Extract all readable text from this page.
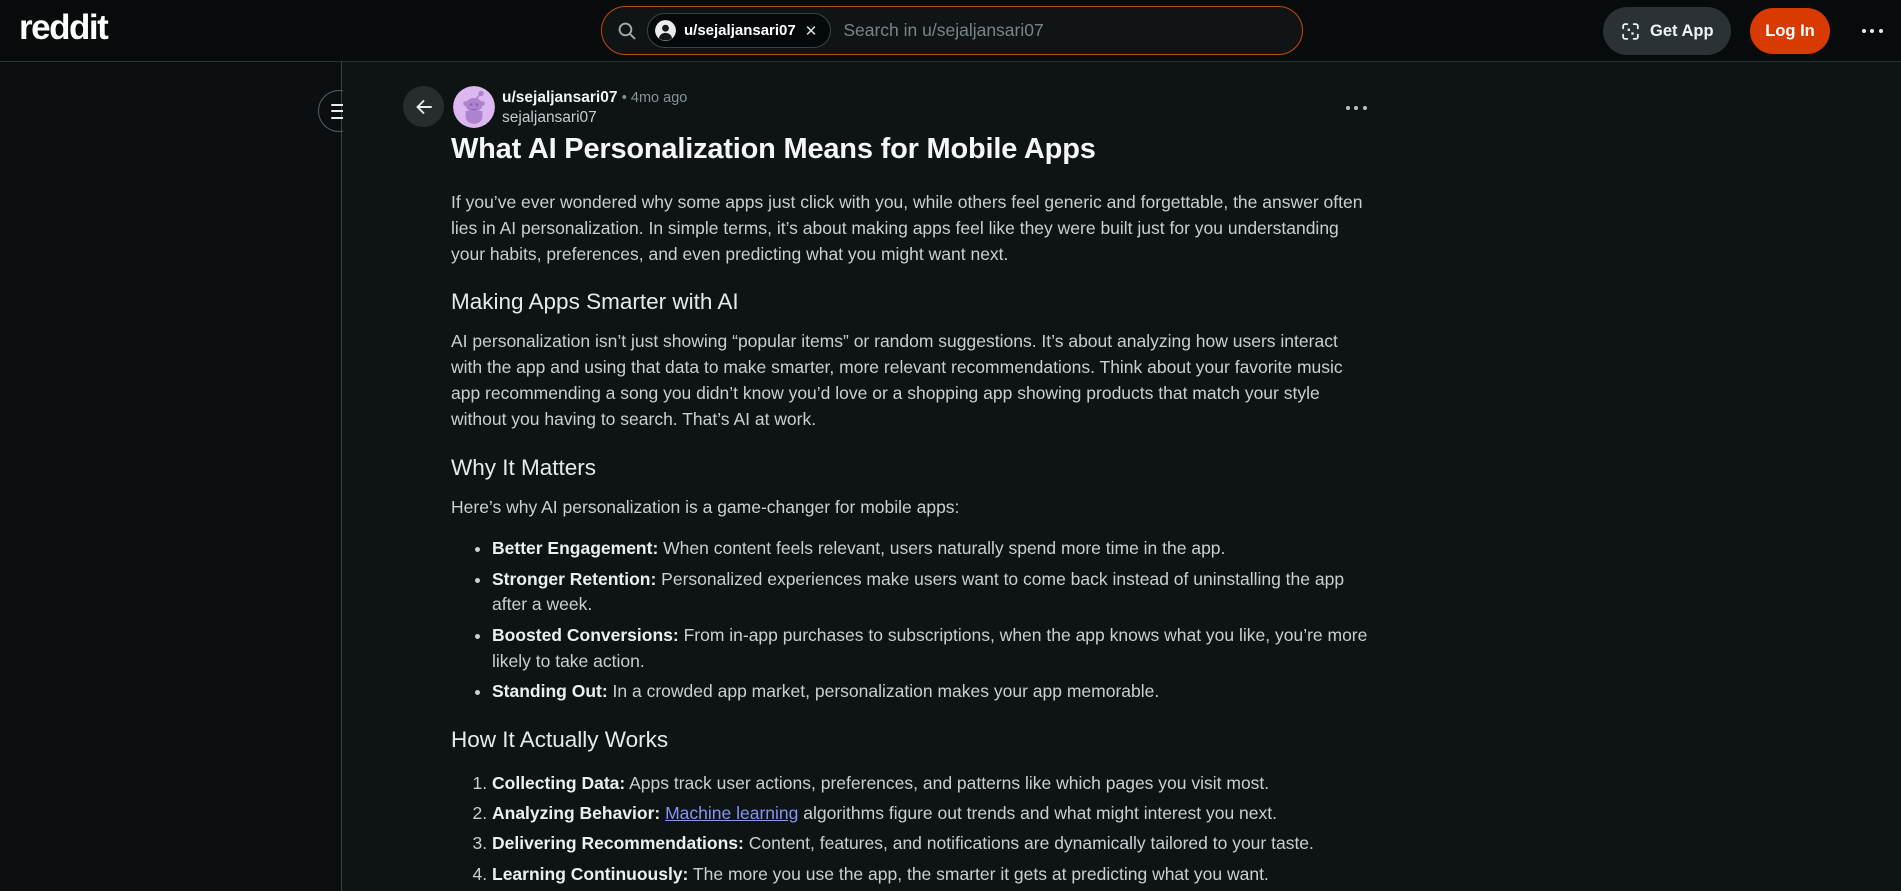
reddit	u/sejaljansari07 ✕
Search in u/sejaljansari07	Get App	Log In
u/sejaljansari07 • 4mo ago
sejaljansari07
What AI Personalization Means for Mobile Apps

If you’ve ever wondered why some apps just click with you, while others feel generic and forgettable, the answer often lies in AI personalization. In simple terms, it’s about making apps feel like they were built just for you understanding your habits, preferences, and even predicting what you might want next.

Making Apps Smarter with AI

AI personalization isn’t just showing “popular items” or random suggestions. It’s about analyzing how users interact with the app and using that data to make smarter, more relevant recommendations. Think about your favorite music app recommending a song you didn’t know you’d love or a shopping app showing products that match your style without you having to search. That’s AI at work.

Why It Matters

Here’s why AI personalization is a game-changer for mobile apps:

• Better Engagement: When content feels relevant, users naturally spend more time in the app.
• Stronger Retention: Personalized experiences make users want to come back instead of uninstalling the app after a week.
• Boosted Conversions: From in-app purchases to subscriptions, when the app knows what you like, you’re more likely to take action.
• Standing Out: In a crowded app market, personalization makes your app memorable.
How It Actually Works
1. Collecting Data: Apps track user actions, preferences, and patterns like which pages you visit most.
2. Analyzing Behavior: Machine learning algorithms figure out trends and what might interest you next.
3. Delivering Recommendations: Content, features, and notifications are dynamically tailored to your taste.
4. Learning Continuously: The more you use the app, the smarter it gets at predicting what you want.
